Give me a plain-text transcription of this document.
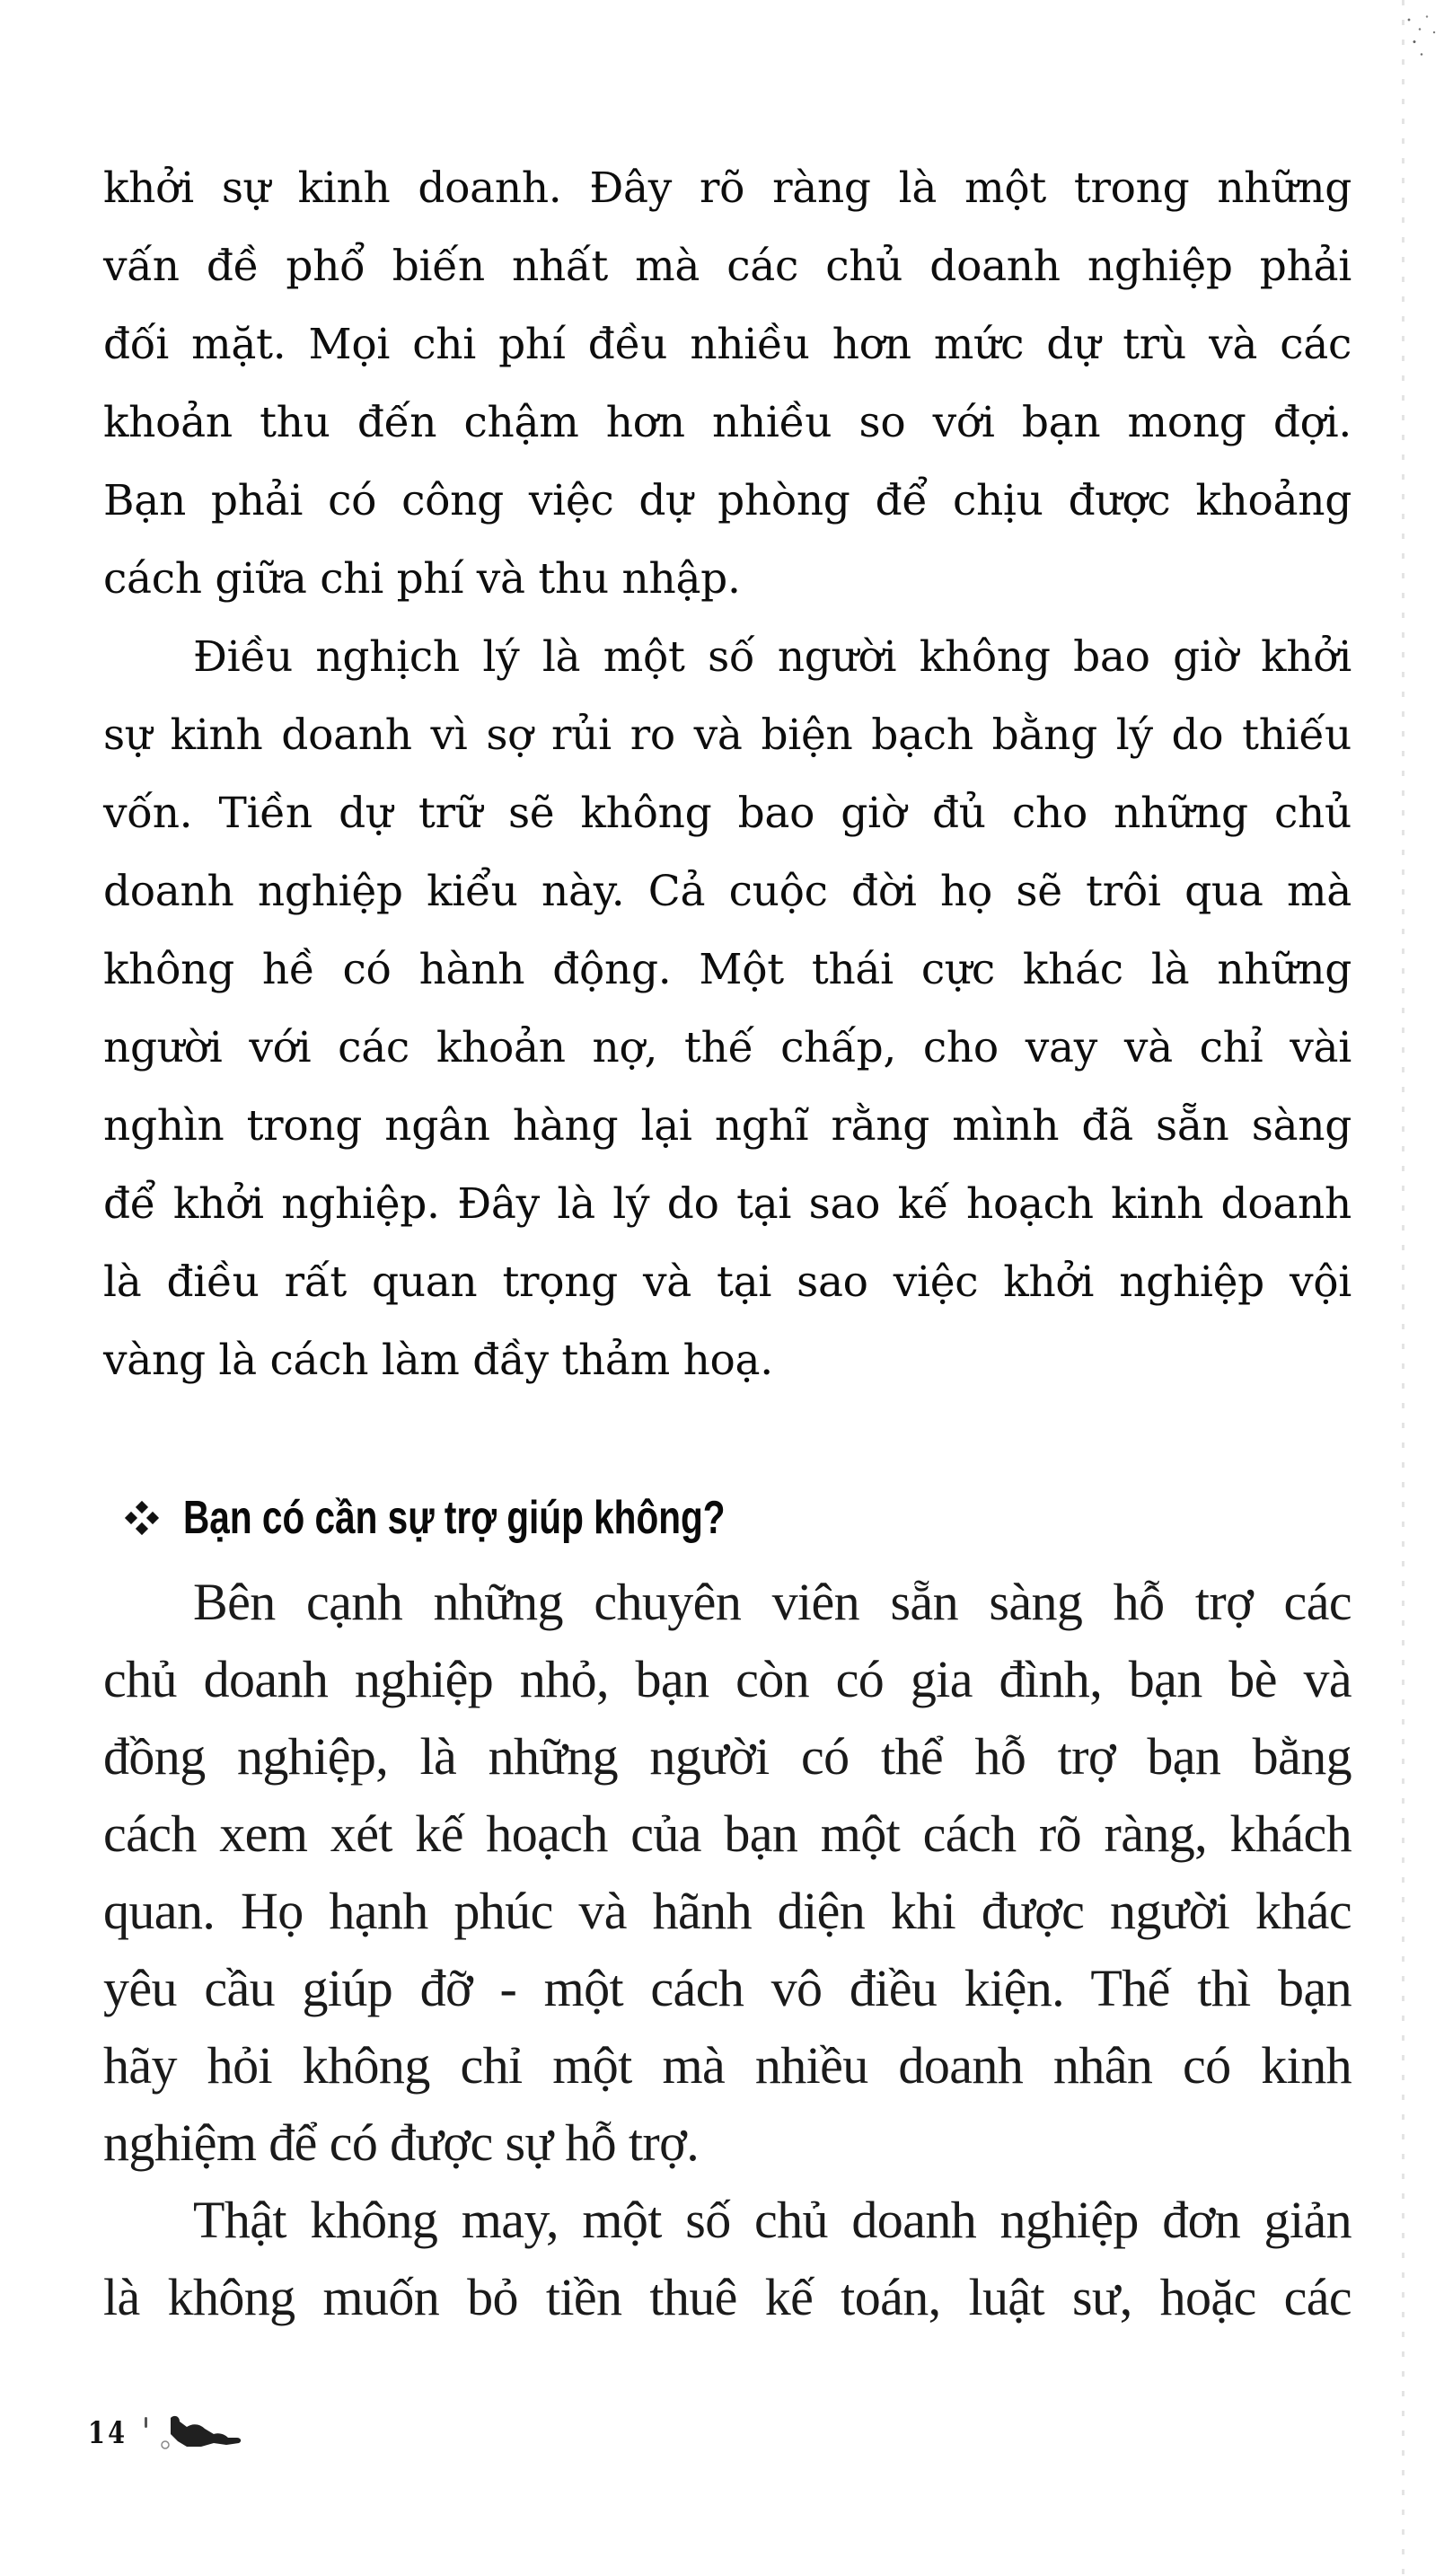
khởi sự kinh doanh. Đây rõ ràng là một trong những
vấn đề phổ biến nhất mà các chủ doanh nghiệp phải
đối mặt. Mọi chi phí đều nhiều hơn mức dự trù và các
khoản thu đến chậm hơn nhiều so với bạn mong đợi.
Bạn phải có công việc dự phòng để chịu được khoảng
cách giữa chi phí và thu nhập.
Điều nghịch lý là một số người không bao giờ khởi
sự kinh doanh vì sợ rủi ro và biện bạch bằng lý do thiếu
vốn. Tiền dự trữ sẽ không bao giờ đủ cho những chủ
doanh nghiệp kiểu này. Cả cuộc đời họ sẽ trôi qua mà
không hề có hành động. Một thái cực khác là những
người với các khoản nợ, thế chấp, cho vay và chỉ vài
nghìn trong ngân hàng lại nghĩ rằng mình đã sẵn sàng
để khởi nghiệp. Đây là lý do tại sao kế hoạch kinh doanh
là điều rất quan trọng và tại sao việc khởi nghiệp vội
vàng là cách làm đầy thảm hoạ.
Bạn có cần sự trợ giúp không?
Bên cạnh những chuyên viên sẵn sàng hỗ trợ các
chủ doanh nghiệp nhỏ, bạn còn có gia đình, bạn bè và
đồng nghiệp, là những người có thể hỗ trợ bạn bằng
cách xem xét kế hoạch của bạn một cách rõ ràng, khách
quan. Họ hạnh phúc và hãnh diện khi được người khác
yêu cầu giúp đỡ - một cách vô điều kiện. Thế thì bạn
hãy hỏi không chỉ một mà nhiều doanh nhân có kinh
nghiệm để có được sự hỗ trợ.
Thật không may, một số chủ doanh nghiệp đơn giản
là không muốn bỏ tiền thuê kế toán, luật sư, hoặc các
14
